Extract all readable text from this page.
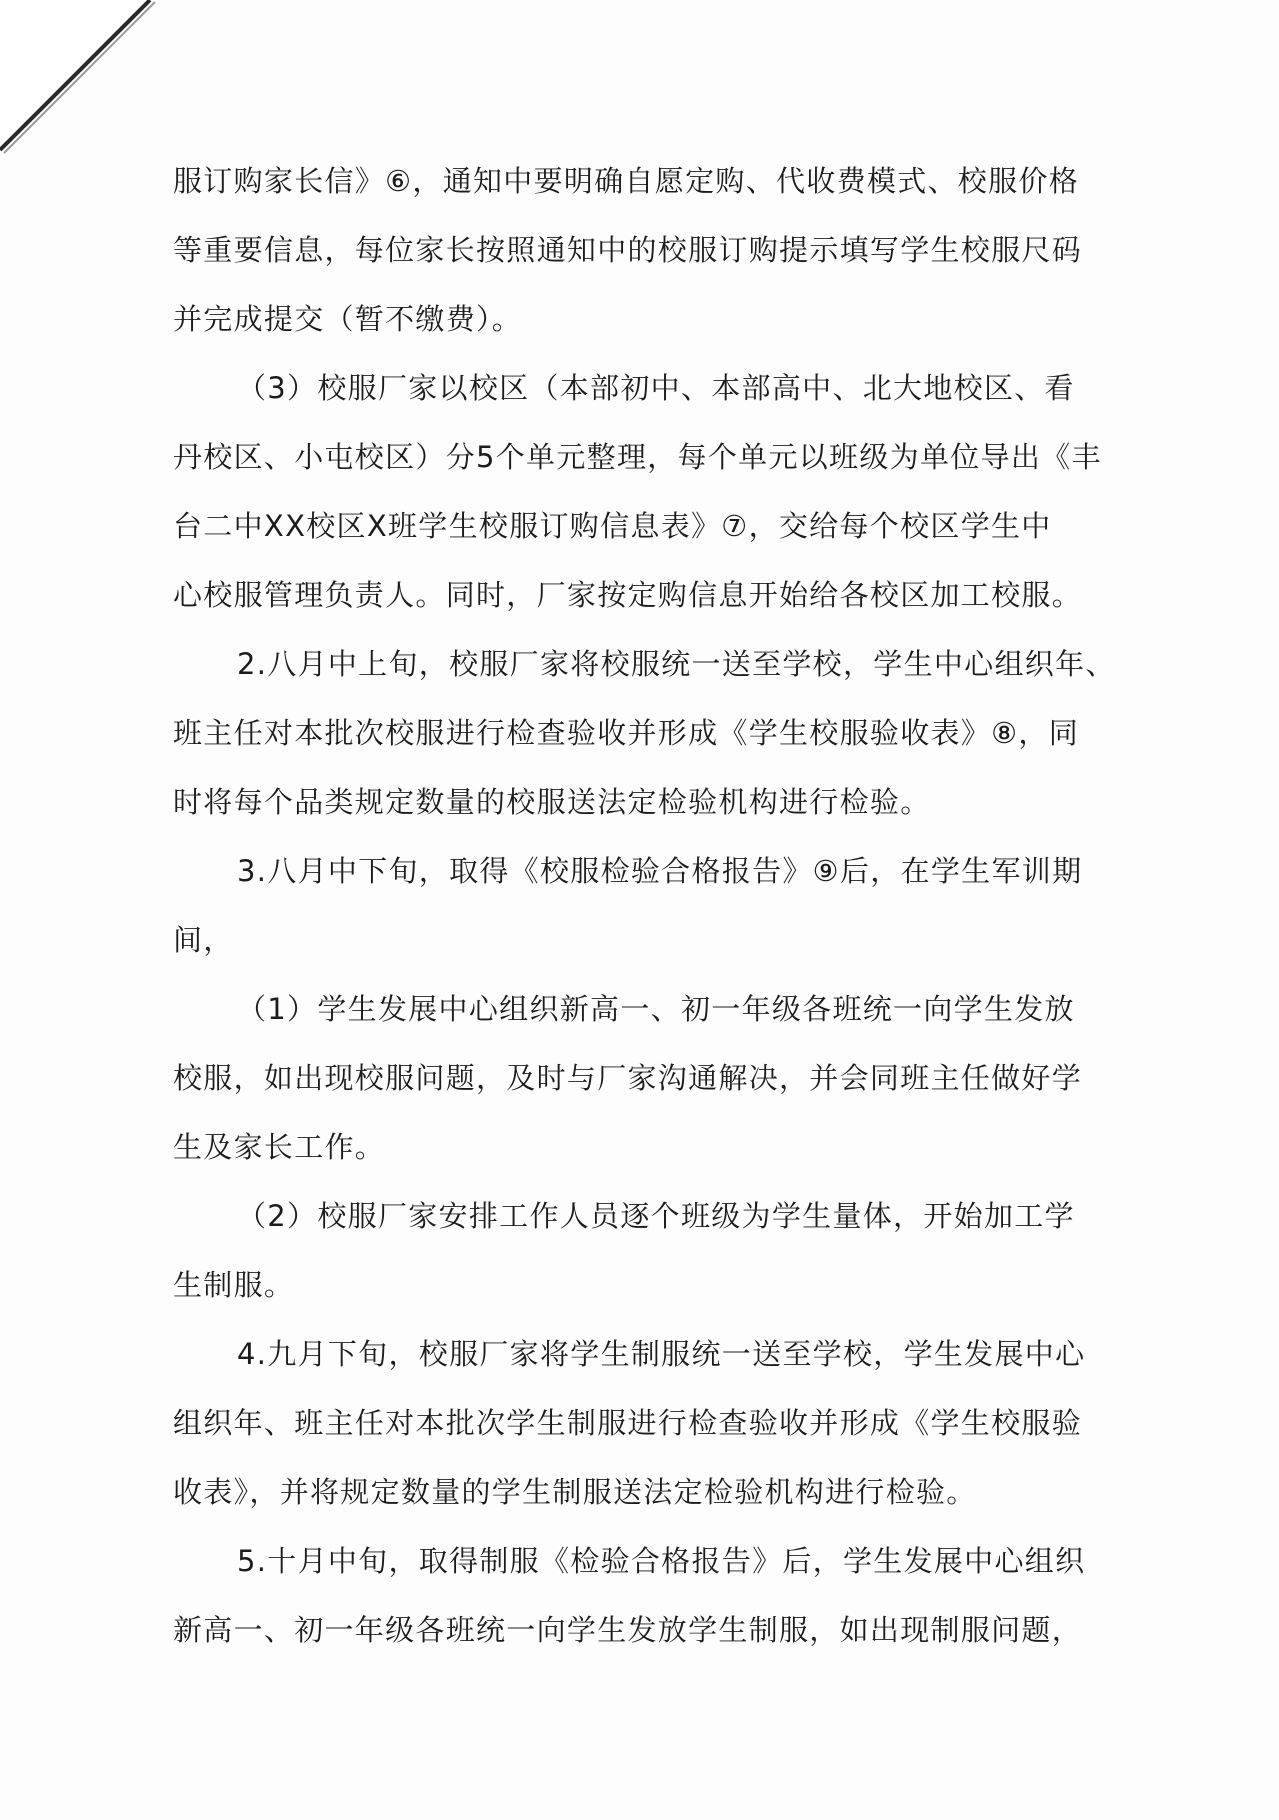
服订购家长信》⑥，通知中要明确自愿定购、代收费模式、校服价格
等重要信息，每位家长按照通知中的校服订购提示填写学生校服尺码
并完成提交（暂不缴费）。
（3）校服厂家以校区（本部初中、本部高中、北大地校区、看
丹校区、小屯校区）分5个单元整理，每个单元以班级为单位导出《丰
台二中XX校区X班学生校服订购信息表》⑦，交给每个校区学生中
心校服管理负责人。同时，厂家按定购信息开始给各校区加工校服。
2.八月中上旬，校服厂家将校服统一送至学校，学生中心组织年、
班主任对本批次校服进行检查验收并形成《学生校服验收表》⑧，同
时将每个品类规定数量的校服送法定检验机构进行检验。
3.八月中下旬，取得《校服检验合格报告》⑨后，在学生军训期
间，
（1）学生发展中心组织新高一、初一年级各班统一向学生发放
校服，如出现校服问题，及时与厂家沟通解决，并会同班主任做好学
生及家长工作。
（2）校服厂家安排工作人员逐个班级为学生量体，开始加工学
生制服。
4.九月下旬，校服厂家将学生制服统一送至学校，学生发展中心
组织年、班主任对本批次学生制服进行检查验收并形成《学生校服验
收表》，并将规定数量的学生制服送法定检验机构进行检验。
5.十月中旬，取得制服《检验合格报告》后，学生发展中心组织
新高一、初一年级各班统一向学生发放学生制服，如出现制服问题，
